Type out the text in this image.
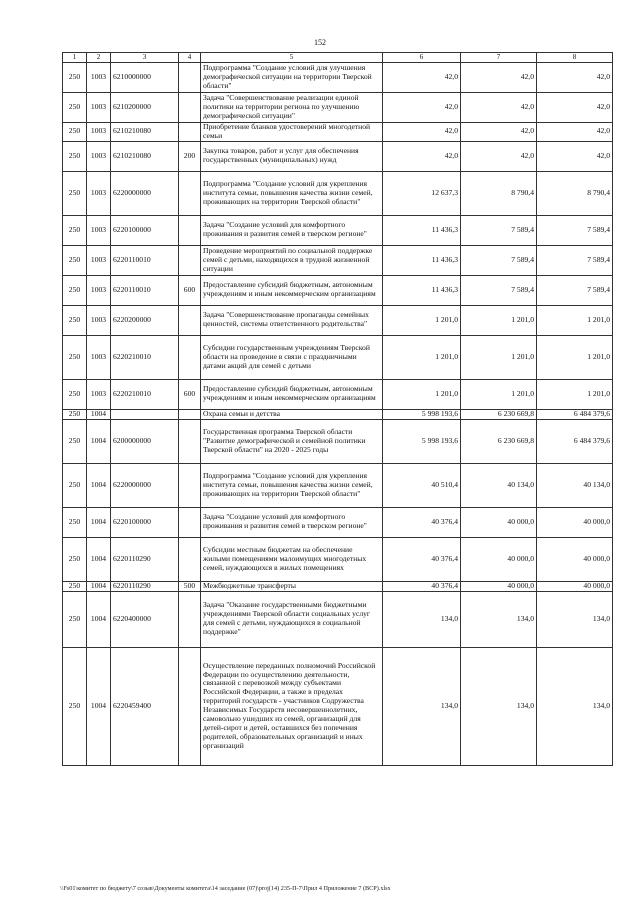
152
1	2	3	4	5	6	7	8
250	1003	6210000000		Подпрограмма "Создание условий для улучшения демографической ситуации на территории Тверской области"	42,0	42,0	42,0
250	1003	6210200000		Задача "Совершенствование реализации единой политики на территории региона по улучшению демографической ситуации"	42,0	42,0	42,0
250	1003	6210210080		Приобретение бланков удостоверений многодетной семьи	42,0	42,0	42,0
250	1003	6210210080	200	Закупка товаров, работ и услуг для обеспечения государственных (муниципальных) нужд	42,0	42,0	42,0
250	1003	6220000000		Подпрограмма "Создание условий для укрепления института семьи, повышения качества жизни семей, проживающих на территории Тверской области"	12 637,3	8 790,4	8 790,4
250	1003	6220100000		Задача "Создание условий для комфортного проживания и развития семей в тверском регионе"	11 436,3	7 589,4	7 589,4
250	1003	6220110010		Проведение мероприятий по социальной поддержке семей с детьми, находящихся в трудной жизненной ситуации	11 436,3	7 589,4	7 589,4
250	1003	6220110010	600	Предоставление субсидий бюджетным, автономным учреждениям и иным некоммерческим организациям	11 436,3	7 589,4	7 589,4
250	1003	6220200000		Задача "Совершенствование пропаганды семейных ценностей, системы ответственного родительства"	1 201,0	1 201,0	1 201,0
250	1003	6220210010		Субсидии государственным учреждениям Тверской области на проведение в связи с праздничными датами акций для семей с детьми	1 201,0	1 201,0	1 201,0
250	1003	6220210010	600	Предоставление субсидий бюджетным, автономным учреждениям и иным некоммерческим организациям	1 201,0	1 201,0	1 201,0
250	1004			Охрана семьи и детства	5 998 193,6	6 230 669,8	6 484 379,6
250	1004	6200000000		Государственная программа Тверской области "Развитие демографической и семейной политики Тверской области" на 2020 - 2025 годы	5 998 193,6	6 230 669,8	6 484 379,6
250	1004	6220000000		Подпрограмма "Создание условий для укрепления института семьи, повышения качества жизни семей, проживающих на территории Тверской области"	40 510,4	40 134,0	40 134,0
250	1004	6220100000		Задача "Создание условий для комфортного проживания и развития семей в тверском регионе"	40 376,4	40 000,0	40 000,0
250	1004	6220110290		Субсидии местным бюджетам на обеспечение жилыми помещениями малоимущих многодетных семей, нуждающихся в жилых помещениях	40 376,4	40 000,0	40 000,0
250	1004	6220110290	500	Межбюджетные трансферты	40 376,4	40 000,0	40 000,0
250	1004	6220400000		Задача "Оказание государственными бюджетными учреждениями Тверской области социальных услуг для семей с детьми, нуждающихся в социальной поддержке"	134,0	134,0	134,0
250	1004	6220459400		Осуществление переданных полномочий Российской Федерации по осуществлению деятельности, связанной с перевозкой между субъектами Российской Федерации, а также в пределах территорий государств - участников Содружества Независимых Государств несовершеннолетних, самовольно ушедших из семей, организаций для детей-сирот и детей, оставшихся без попечения родителей, образовательных организаций и иных организаций	134,0	134,0	134,0
\\Fs01\комитет по бюджету\7 созыв\Документы комитета\14 заседание (07)\proj(14) 235-П-7\Прил 4 Приложение 7 (ВСР).xlsx
